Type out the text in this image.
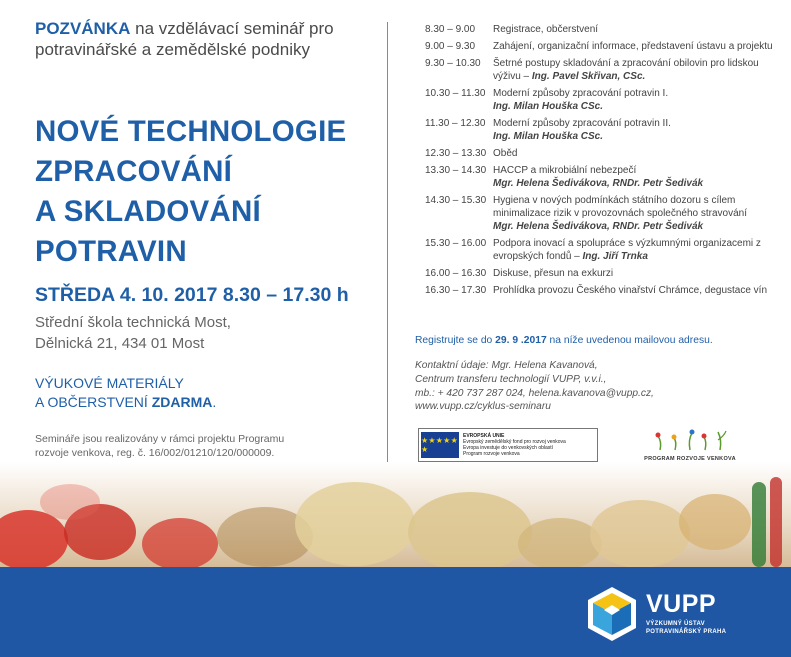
POZVÁNKA na vzdělávací seminář pro
potravinářské a zemědělské podniky

NOVÉ TECHNOLOGIE
ZPRACOVÁNÍ
A SKLADOVÁNÍ
POTRAVIN
STŘEDA 4. 10. 2017 8.30 – 17.30 h
Střední škola technická Most,
Dělnická 21, 434 01 Most
VÝUKOVÉ MATERIÁLY
A OBČERSTVENÍ ZDARMA.
Semináře jsou realizovány v rámci projektu Programu
rozvoje venkova, reg. č. 16/002/01210/120/000009.
8.30 – 9.00	Registrace, občerstvení
9.00 – 9.30	Zahájení, organizační informace, představení ústavu a projektu
9.30 – 10.30	Šetrné postupy skladování a zpracování obilovin pro lidskou výživu – Ing. Pavel Skřivan, CSc.
10.30 – 11.30 Moderní způsoby zpracování potravin I.
Ing. Milan Houška CSc.
11.30 – 12.30 Moderní způsoby zpracování potravin II.
Ing. Milan Houška CSc.
12.30 – 13.30 Oběd
13.30 – 14.30 HACCP a mikrobiální nebezpečí
Mgr. Helena Šedivákova, RNDr. Petr Šedivák
14.30 – 15.30 Hygiena v nových podmínkách státního dozoru s cílem minimalizace rizik v provozovnách společného stravování
Mgr. Helena Šedivákova, RNDr. Petr Šedivák
15.30 – 16.00 Podpora inovací a spolupráce s výzkumnými organizacemi z evropských fondů – Ing. Jiří Trnka
16.00 – 16.30 Diskuse, přesun na exkurzi
16.30 – 17.30 Prohlídka provozu Českého vinařství Chrámce, degustace vín
Registrujte se do 29. 9 .2017 na níže uvedenou mailovou adresu.
Kontaktní údaje: Mgr. Helena Kavanová,
Centrum transferu technologií VUPP, v.v.i.,
mb.: + 420 737 287 024, helena.kavanova@vupp.cz,
www.vupp.cz/cyklus-seminaru
★ ★ ★ ★ ★ ★
EVROPSKÁ UNIE
Evropský zemědělský fond pro rozvoj venkova
Evropa investuje do venkovských oblastí
Program rozvoje venkova
PROGRAM ROZVOJE VENKOVA
VUPP
VÝZKUMNÝ ÚSTAV
POTRAVINÁŘSKÝ PRAHA
